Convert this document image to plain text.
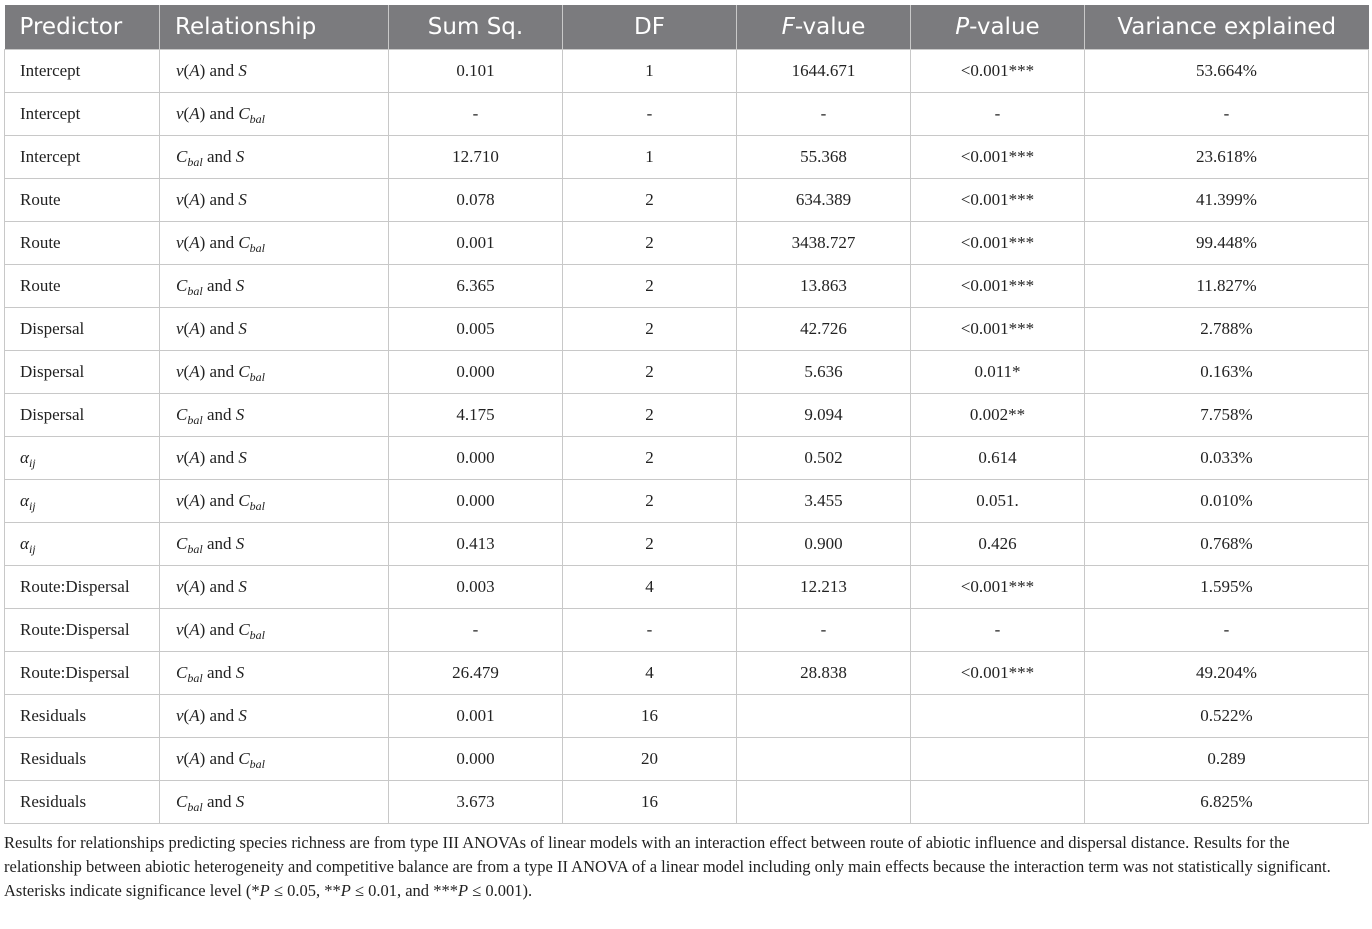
Predictor	Relationship	Sum Sq.	DF	F-value	P-value	Variance explained
Intercept	v(A) and S	0.101	1	1644.671	<0.001***	53.664%
Intercept	v(A) and $C_{bal}$	-	-	-	-	-
Intercept	$C_{bal}$ and S	12.710	1	55.368	<0.001***	23.618%
Route	v(A) and S	0.078	2	634.389	<0.001***	41.399%
Route	v(A) and $C_{bal}$	0.001	2	3438.727	<0.001***	99.448%
Route	$C_{bal}$ and S	6.365	2	13.863	<0.001***	11.827%
Dispersal	v(A) and S	0.005	2	42.726	<0.001***	2.788%
Dispersal	v(A) and $C_{bal}$	0.000	2	5.636	0.011*	0.163%
Dispersal	$C_{bal}$ and S	4.175	2	9.094	0.002**	7.758%
$\alpha_{ij}$	v(A) and S	0.000	2	0.502	0.614	0.033%
$\alpha_{ij}$	v(A) and $C_{bal}$	0.000	2	3.455	0.051.	0.010%
$\alpha_{ij}$	$C_{bal}$ and S	0.413	2	0.900	0.426	0.768%
Route:Dispersal	v(A) and S	0.003	4	12.213	<0.001***	1.595%
Route:Dispersal	v(A) and $C_{bal}$	-	-	-	-	-
Route:Dispersal	$C_{bal}$ and S	26.479	4	28.838	<0.001***	49.204%
Residuals	v(A) and S	0.001	16			0.522%
Residuals	v(A) and $C_{bal}$	0.000	20			0.289
Residuals	$C_{bal}$ and S	3.673	16			6.825%

Results for relationships predicting species richness are from type III ANOVAs of linear models with an interaction effect between route of abiotic influence and dispersal distance. Results for the relationship between abiotic heterogeneity and competitive balance are from a type II ANOVA of a linear model including only main effects because the interaction term was not statistically significant.

Asterisks indicate significance level (*P ≤ 0.05, **P ≤ 0.01, and ***P ≤ 0.001).
